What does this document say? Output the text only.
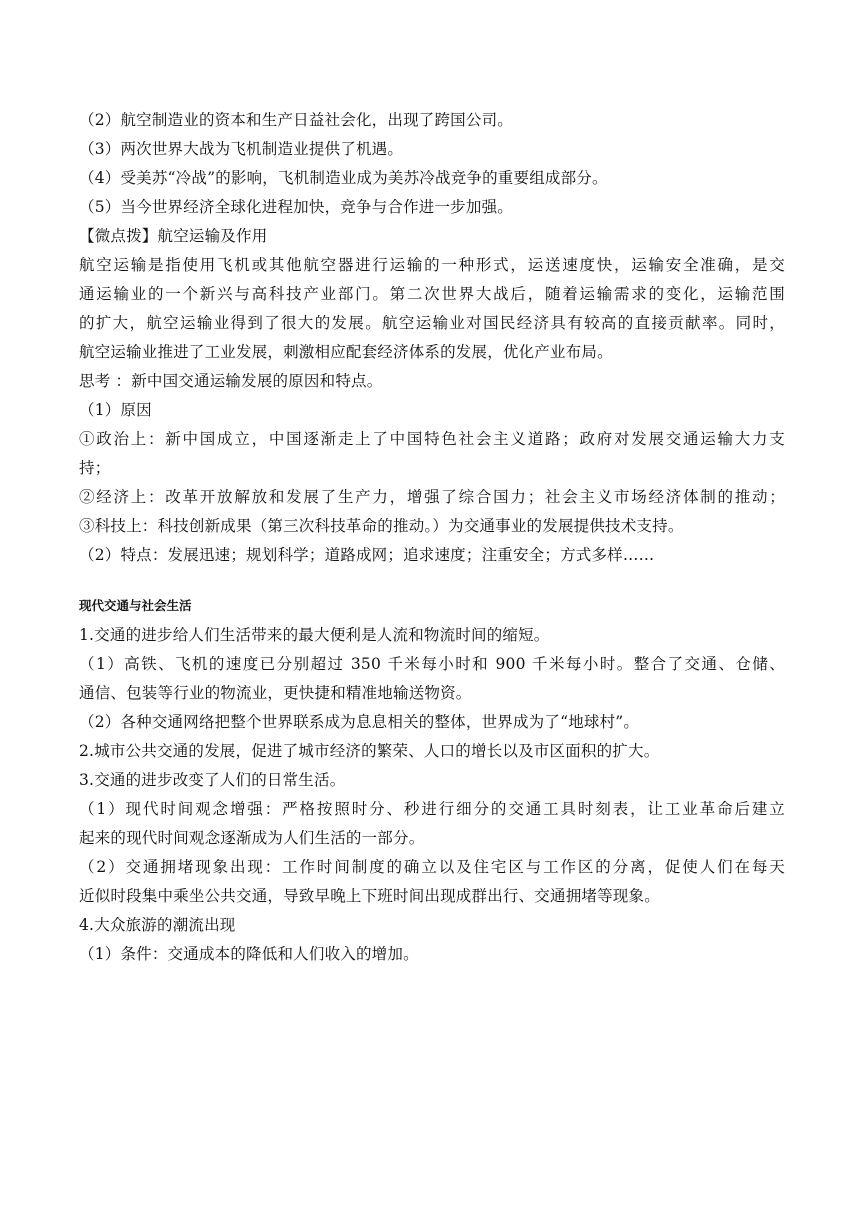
（2）航空制造业的资本和生产日益社会化，出现了跨国公司。
（3）两次世界大战为飞机制造业提供了机遇。
（4）受美苏“冷战”的影响，飞机制造业成为美苏冷战竞争的重要组成部分。
（5）当今世界经济全球化进程加快，竞争与合作进一步加强。
【微点拨】航空运输及作用
航空运输是指使用飞机或其他航空器进行运输的一种形式，运送速度快，运输安全准确，是交
通运输业的一个新兴与高科技产业部门。第二次世界大战后，随着运输需求的变化，运输范围
的扩大，航空运输业得到了很大的发展。航空运输业对国民经济具有较高的直接贡献率。同时，
航空运输业推进了工业发展，刺激相应配套经济体系的发展，优化产业布局。
思考 ：新中国交通运输发展的原因和特点。
（1）原因
①政治上：新中国成立，中国逐渐走上了中国特色社会主义道路；政府对发展交通运输大力支
持；
②经济上：改革开放解放和发展了生产力，增强了综合国力；社会主义市场经济体制的推动；
③科技上：科技创新成果（第三次科技革命的推动。）为交通事业的发展提供技术支持。
（2）特点：发展迅速；规划科学；道路成网；追求速度；注重安全；方式多样……
现代交通与社会生活
1.交通的进步给人们生活带来的最大便利是人流和物流时间的缩短。
（1）高铁、飞机的速度已分别超过 350 千米每小时和 900 千米每小时。整合了交通、仓储、
通信、包装等行业的物流业，更快捷和精准地输送物资。
（2）各种交通网络把整个世界联系成为息息相关的整体，世界成为了“地球村”。
2.城市公共交通的发展，促进了城市经济的繁荣、人口的增长以及市区面积的扩大。
3.交通的进步改变了人们的日常生活。
（1）现代时间观念增强：严格按照时分、秒进行细分的交通工具时刻表，让工业革命后建立
起来的现代时间观念逐渐成为人们生活的一部分。
（2）交通拥堵现象出现：工作时间制度的确立以及住宅区与工作区的分离，促使人们在每天
近似时段集中乘坐公共交通，导致早晚上下班时间出现成群出行、交通拥堵等现象。
4.大众旅游的潮流出现
（1）条件：交通成本的降低和人们收入的增加。
